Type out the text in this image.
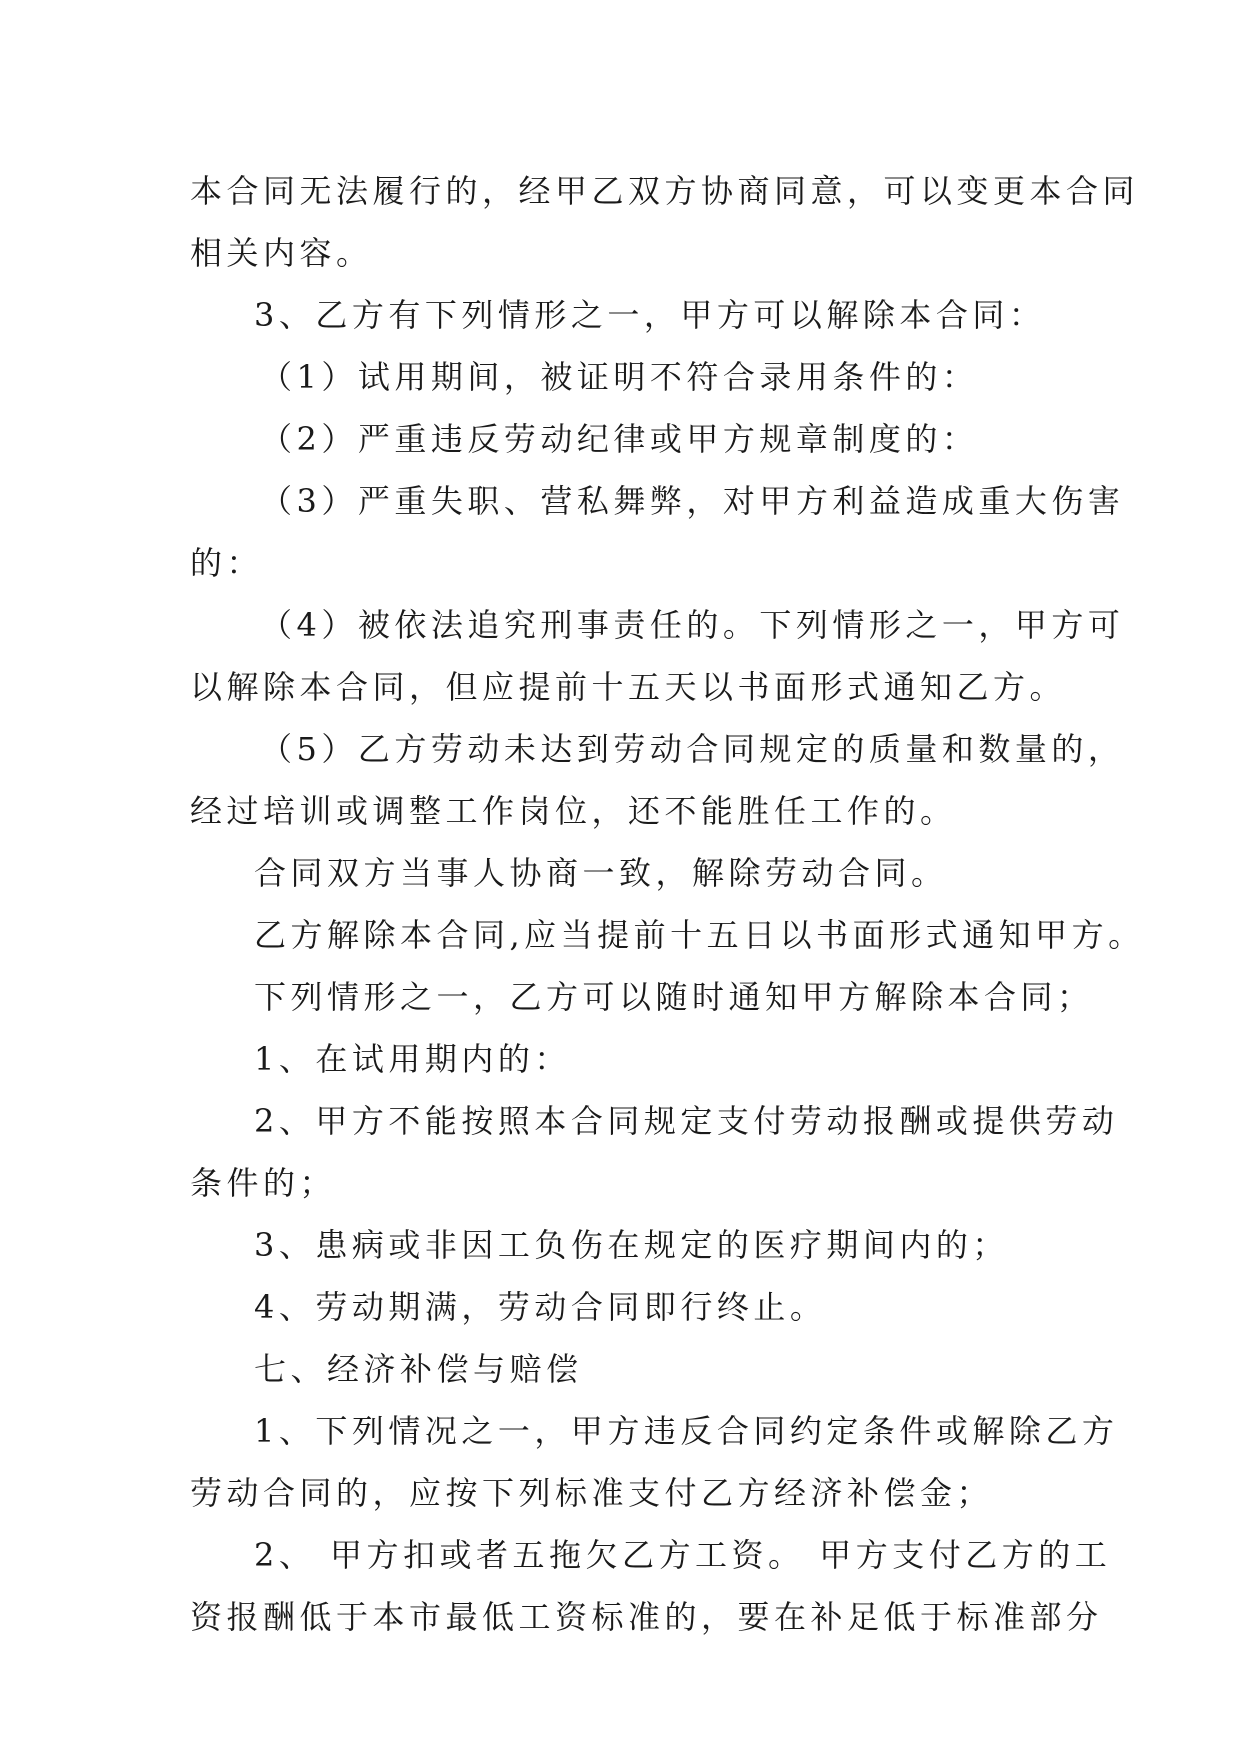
本合同无法履行的，经甲乙双方协商同意，可以变更本合同
相关内容。
3、乙方有下列情形之一，甲方可以解除本合同：
（1）试用期间，被证明不符合录用条件的：
（2）严重违反劳动纪律或甲方规章制度的：
（3）严重失职、营私舞弊，对甲方利益造成重大伤害
的：
（4）被依法追究刑事责任的。下列情形之一，甲方可
以解除本合同，但应提前十五天以书面形式通知乙方。
（5）乙方劳动未达到劳动合同规定的质量和数量的，
经过培训或调整工作岗位，还不能胜任工作的。
合同双方当事人协商一致，解除劳动合同。
乙方解除本合同,应当提前十五日以书面形式通知甲方。
下列情形之一，乙方可以随时通知甲方解除本合同；
1、在试用期内的：
2、甲方不能按照本合同规定支付劳动报酬或提供劳动
条件的；
3、患病或非因工负伤在规定的医疗期间内的；
4、劳动期满，劳动合同即行终止。
七、经济补偿与赔偿
1、下列情况之一，甲方违反合同约定条件或解除乙方
劳动合同的，应按下列标准支付乙方经济补偿金；
2、 甲方扣或者五拖欠乙方工资。 甲方支付乙方的工
资报酬低于本市最低工资标准的，要在补足低于标准部分
